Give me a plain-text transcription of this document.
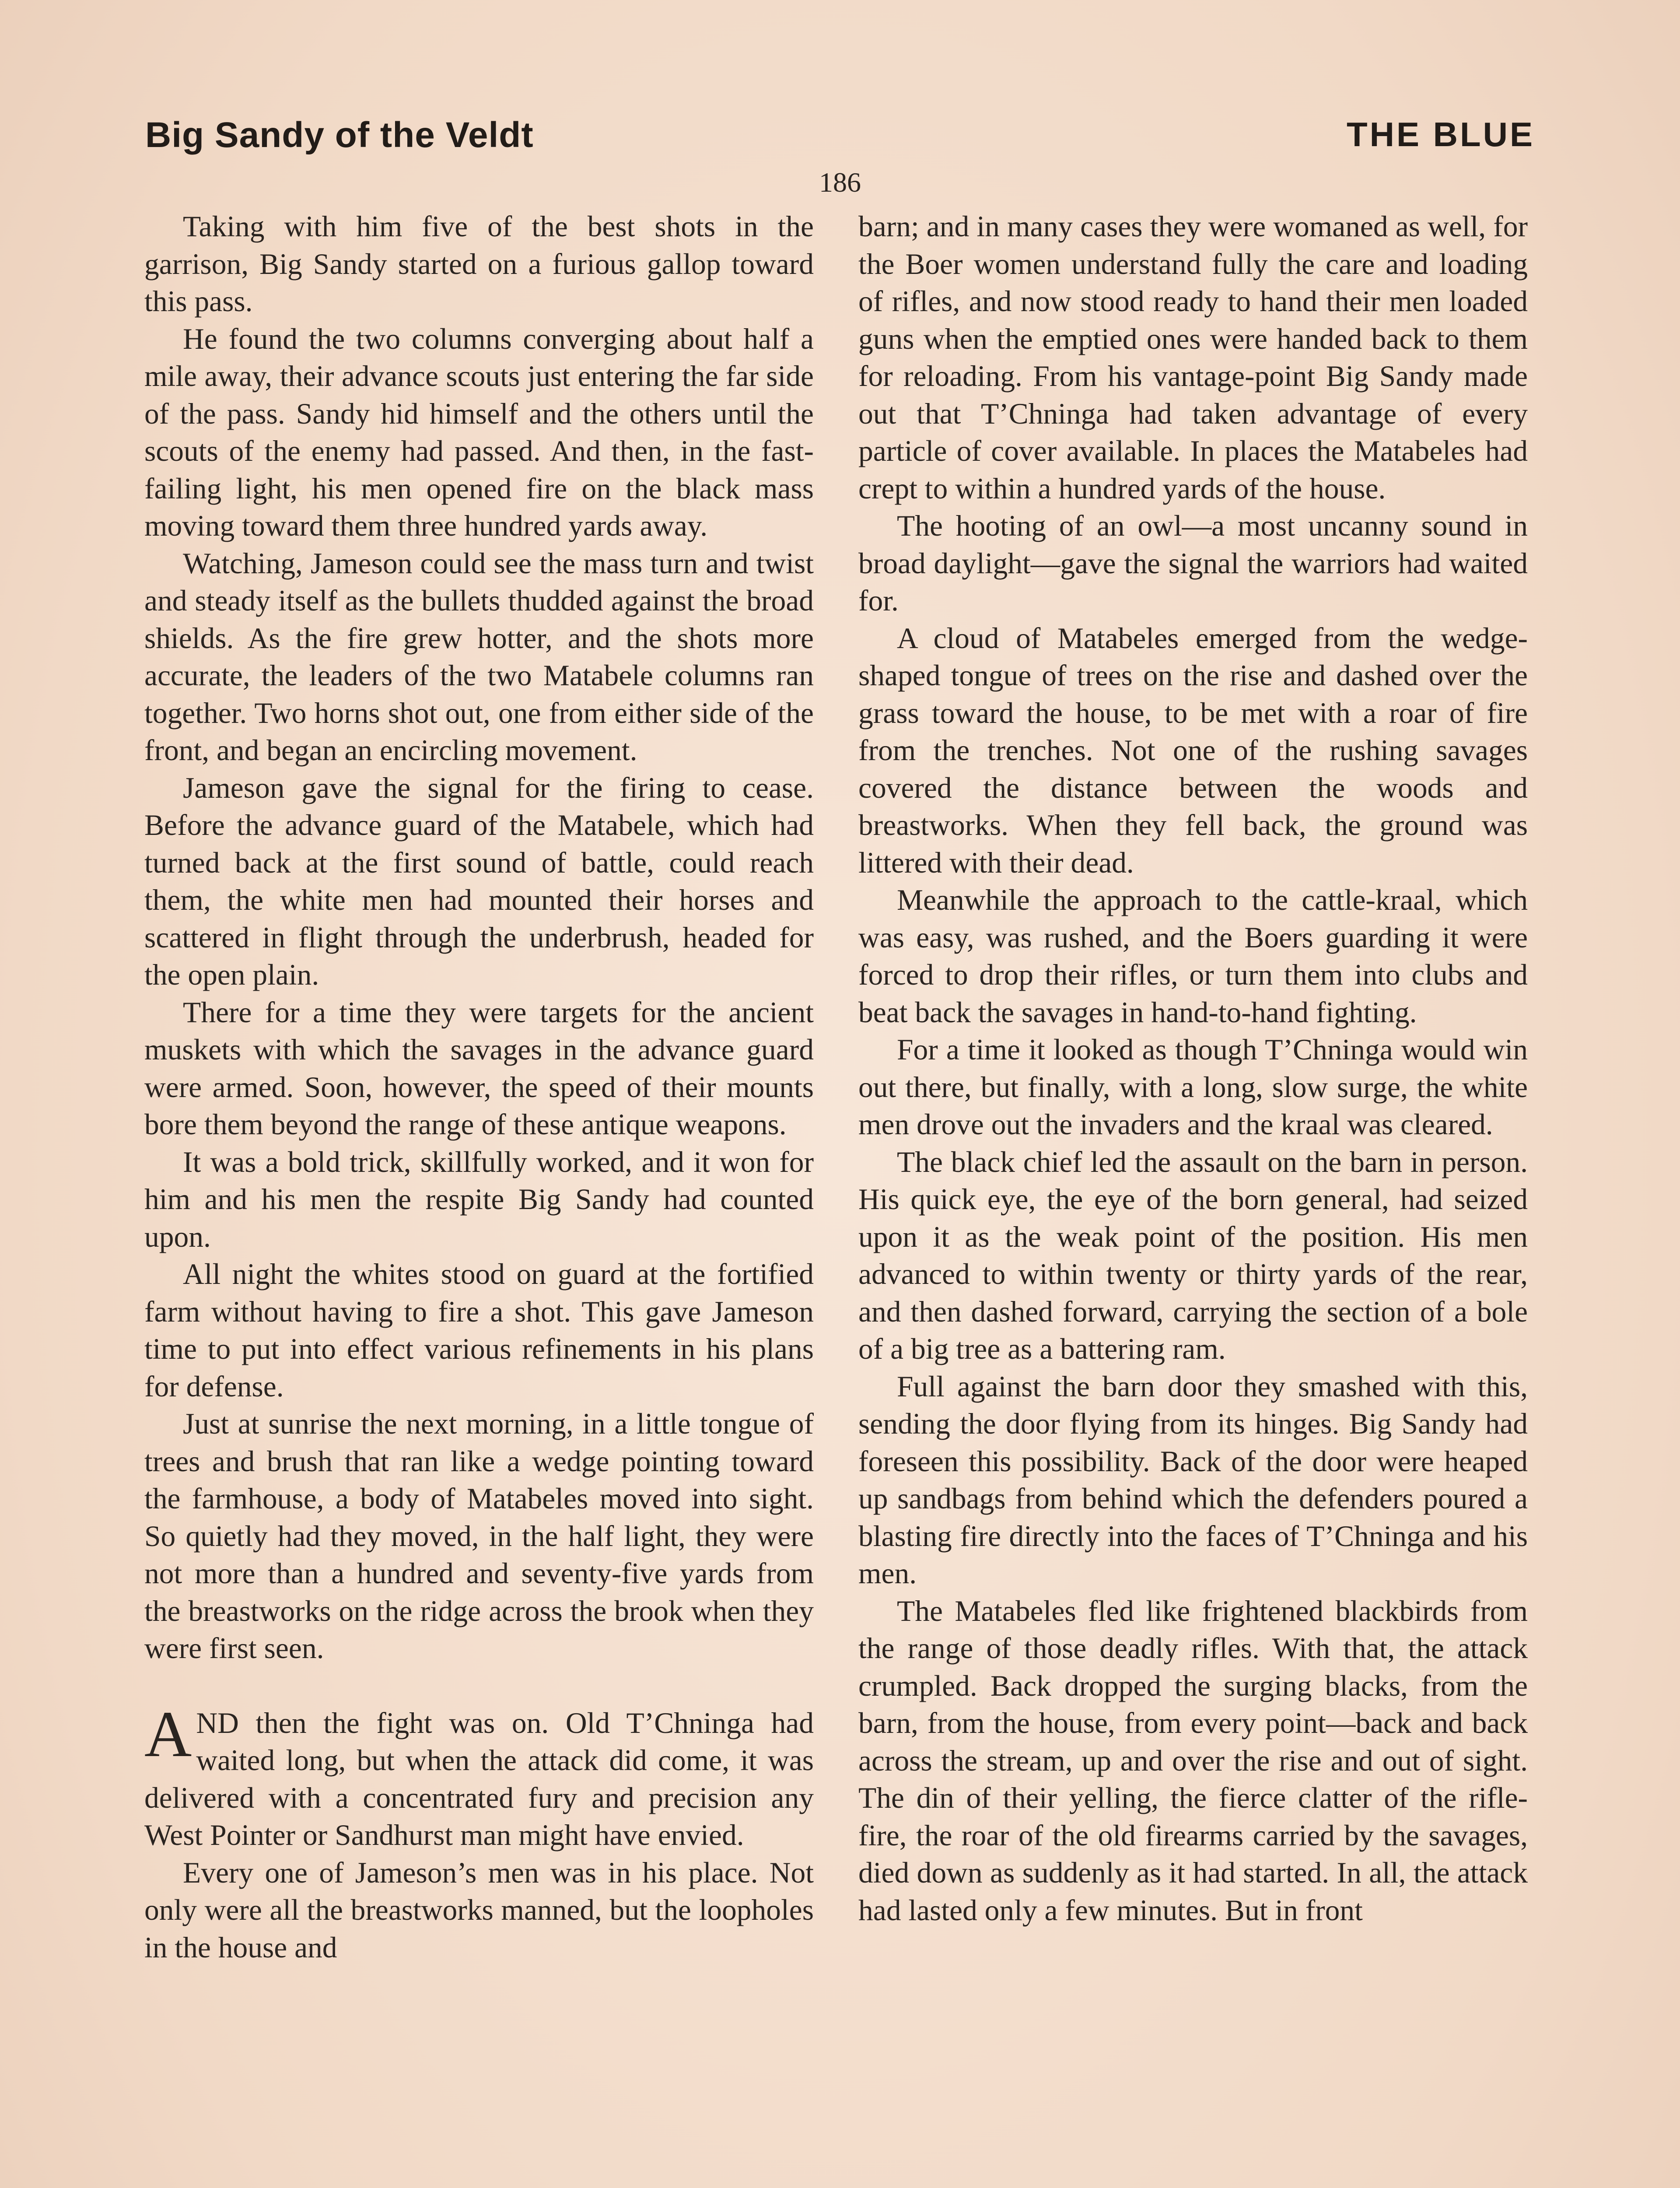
Big Sandy of the Veldt	THE BLUE
186

Taking with him five of the best shots in the garrison, Big Sandy started on a furious gallop toward this pass.

He found the two columns converging about half a mile away, their advance scouts just entering the far side of the pass. Sandy hid himself and the others until the scouts of the enemy had passed. And then, in the fast-failing light, his men opened fire on the black mass moving toward them three hundred yards away.

Watching, Jameson could see the mass turn and twist and steady itself as the bullets thudded against the broad shields. As the fire grew hotter, and the shots more accurate, the leaders of the two Matabele columns ran together. Two horns shot out, one from either side of the front, and began an encircling movement.

Jameson gave the signal for the firing to cease. Before the advance guard of the Matabele, which had turned back at the first sound of battle, could reach them, the white men had mounted their horses and scattered in flight through the underbrush, headed for the open plain.

There for a time they were targets for the ancient muskets with which the savages in the advance guard were armed. Soon, however, the speed of their mounts bore them beyond the range of these antique weapons.

It was a bold trick, skillfully worked, and it won for him and his men the respite Big Sandy had counted upon.

All night the whites stood on guard at the fortified farm without having to fire a shot. This gave Jameson time to put into effect various refinements in his plans for defense.

Just at sunrise the next morning, in a little tongue of trees and brush that ran like a wedge pointing toward the farmhouse, a body of Matabeles moved into sight. So quietly had they moved, in the half light, they were not more than a hundred and seventy-five yards from the breastworks on the ridge across the brook when they were first seen.

AND then the fight was on. Old T’Chninga had waited long, but when the attack did come, it was delivered with a concentrated fury and precision any West Pointer or Sandhurst man might have envied.

Every one of Jameson’s men was in his place. Not only were all the breastworks manned, but the loopholes in the house and

barn; and in many cases they were womaned as well, for the Boer women understand fully the care and loading of rifles, and now stood ready to hand their men loaded guns when the emptied ones were handed back to them for reloading. From his vantage-point Big Sandy made out that T’Chninga had taken advantage of every particle of cover available. In places the Matabeles had crept to within a hundred yards of the house.

The hooting of an owl—a most uncanny sound in broad daylight—gave the signal the warriors had waited for.

A cloud of Matabeles emerged from the wedge-shaped tongue of trees on the rise and dashed over the grass toward the house, to be met with a roar of fire from the trenches. Not one of the rushing savages covered the distance between the woods and breastworks. When they fell back, the ground was littered with their dead.

Meanwhile the approach to the cattle-kraal, which was easy, was rushed, and the Boers guarding it were forced to drop their rifles, or turn them into clubs and beat back the savages in hand-to-hand fighting.

For a time it looked as though T’Chninga would win out there, but finally, with a long, slow surge, the white men drove out the invaders and the kraal was cleared.

The black chief led the assault on the barn in person. His quick eye, the eye of the born general, had seized upon it as the weak point of the position. His men advanced to within twenty or thirty yards of the rear, and then dashed forward, carrying the section of a bole of a big tree as a battering ram.

Full against the barn door they smashed with this, sending the door flying from its hinges. Big Sandy had foreseen this possibility. Back of the door were heaped up sandbags from behind which the defenders poured a blasting fire directly into the faces of T’Chninga and his men.

The Matabeles fled like frightened blackbirds from the range of those deadly rifles. With that, the attack crumpled. Back dropped the surging blacks, from the barn, from the house, from every point—back and back across the stream, up and over the rise and out of sight. The din of their yelling, the fierce clatter of the rifle-fire, the roar of the old firearms carried by the savages, died down as suddenly as it had started. In all, the attack had lasted only a few minutes. But in front
